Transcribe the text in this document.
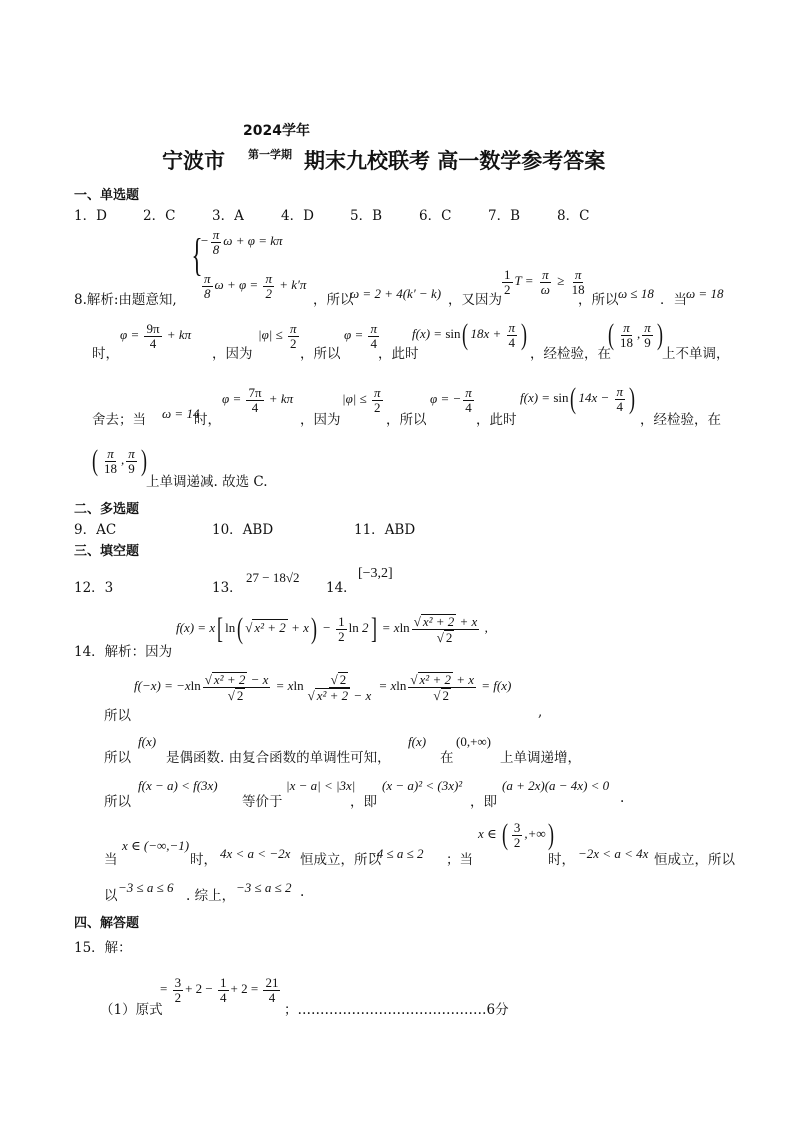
2024学年
宁波市 第一学期 期末九校联考 高一数学参考答案
一、单选题
1．D	2．C	3．A	4．D	5．B	6．C	7．B	8．C
{
− $\frac{\pi}{8}$ ω + φ = kπ
$\frac{\pi}{8}$ $\omega + \varphi = \frac{\pi}{2} + k'\pi$
8.解析:由题意知,	，所以
ω = 2 + 4(k′ − k) ，又因为
$\frac{1}{2}$ $T = \frac{\pi}{\omega} \ge \frac{\pi}{18}$
，所以 ω ≤ 18 ．当 ω = 18
时，
$\varphi = \frac{9\pi}{4} + k\pi$
，因为
$|\varphi| \le \frac{\pi}{2}$
，所以
$\varphi = \frac{\pi}{4}$
，此时
f(x) = sin( $18x + \frac{\pi}{4}$ )
，经检验，在
( $\frac{\pi}{18}$ , $\frac{\pi}{9}$ )
上不单调，
舍去；当 ω = 14
时，
$\varphi = \frac{7\pi}{4} + k\pi$
，因为
$|\varphi| \le \frac{\pi}{2}$
，所以
φ = − $\frac{\pi}{4}$
，此时
f(x) = sin( $14x - \frac{\pi}{4}$ )
，经检验，在
( $\frac{\pi}{18}$ , $\frac{\pi}{9}$ )
上单调递减. 故选 C.
二、多选题
9．AC	10．ABD	11．ABD
三、填空题
12．3	13．
27 − 18√2
14．
[−3,2]
f(x) = x[ ln( √ $x^2 + 2 + x) - \frac{1}{2}$ ln 2] = xln $\frac{\text{√ x² + 2 + x}}{√ 2}$ ,
14．解析：因为
$f(-x) = -xln \frac{\text{√ x² + 2 − x}}{√ 2} = xln \frac{√ 2}{\text{√ x² + 2 − x}} = xln \frac{\text{√ x² + 2 + x}}{√ 2} = f(x)$
所以	,
所以
f(x)
是偶函数. 由复合函数的单调性可知，
f(x)
在
(0,+∞)
上单调递增，
所以
f(x − a) < f(3x)
等价于
|x − a| < |3x|
，即
(x − a)² < (3x)²
，即
(a + 2x)(a − 4x) < 0
.
当
x ∈ (−∞,−1)
时， 4x < a < −2x 恒成立，所以
−4 ≤ a ≤ 2 ；当
x ∈ ( $\frac{3}{2}$ ,+∞)
时， −2x < a < 4x 恒成立，所以
以
−3 ≤ a ≤ 6
. 综上，
−3 ≤ a ≤ 2 .
四、解答题
15．解：
（1）原式
= $\frac{3}{2} + 2 - \frac{1}{4} + 2 = \frac{21}{4}$
；……………………………………6分
